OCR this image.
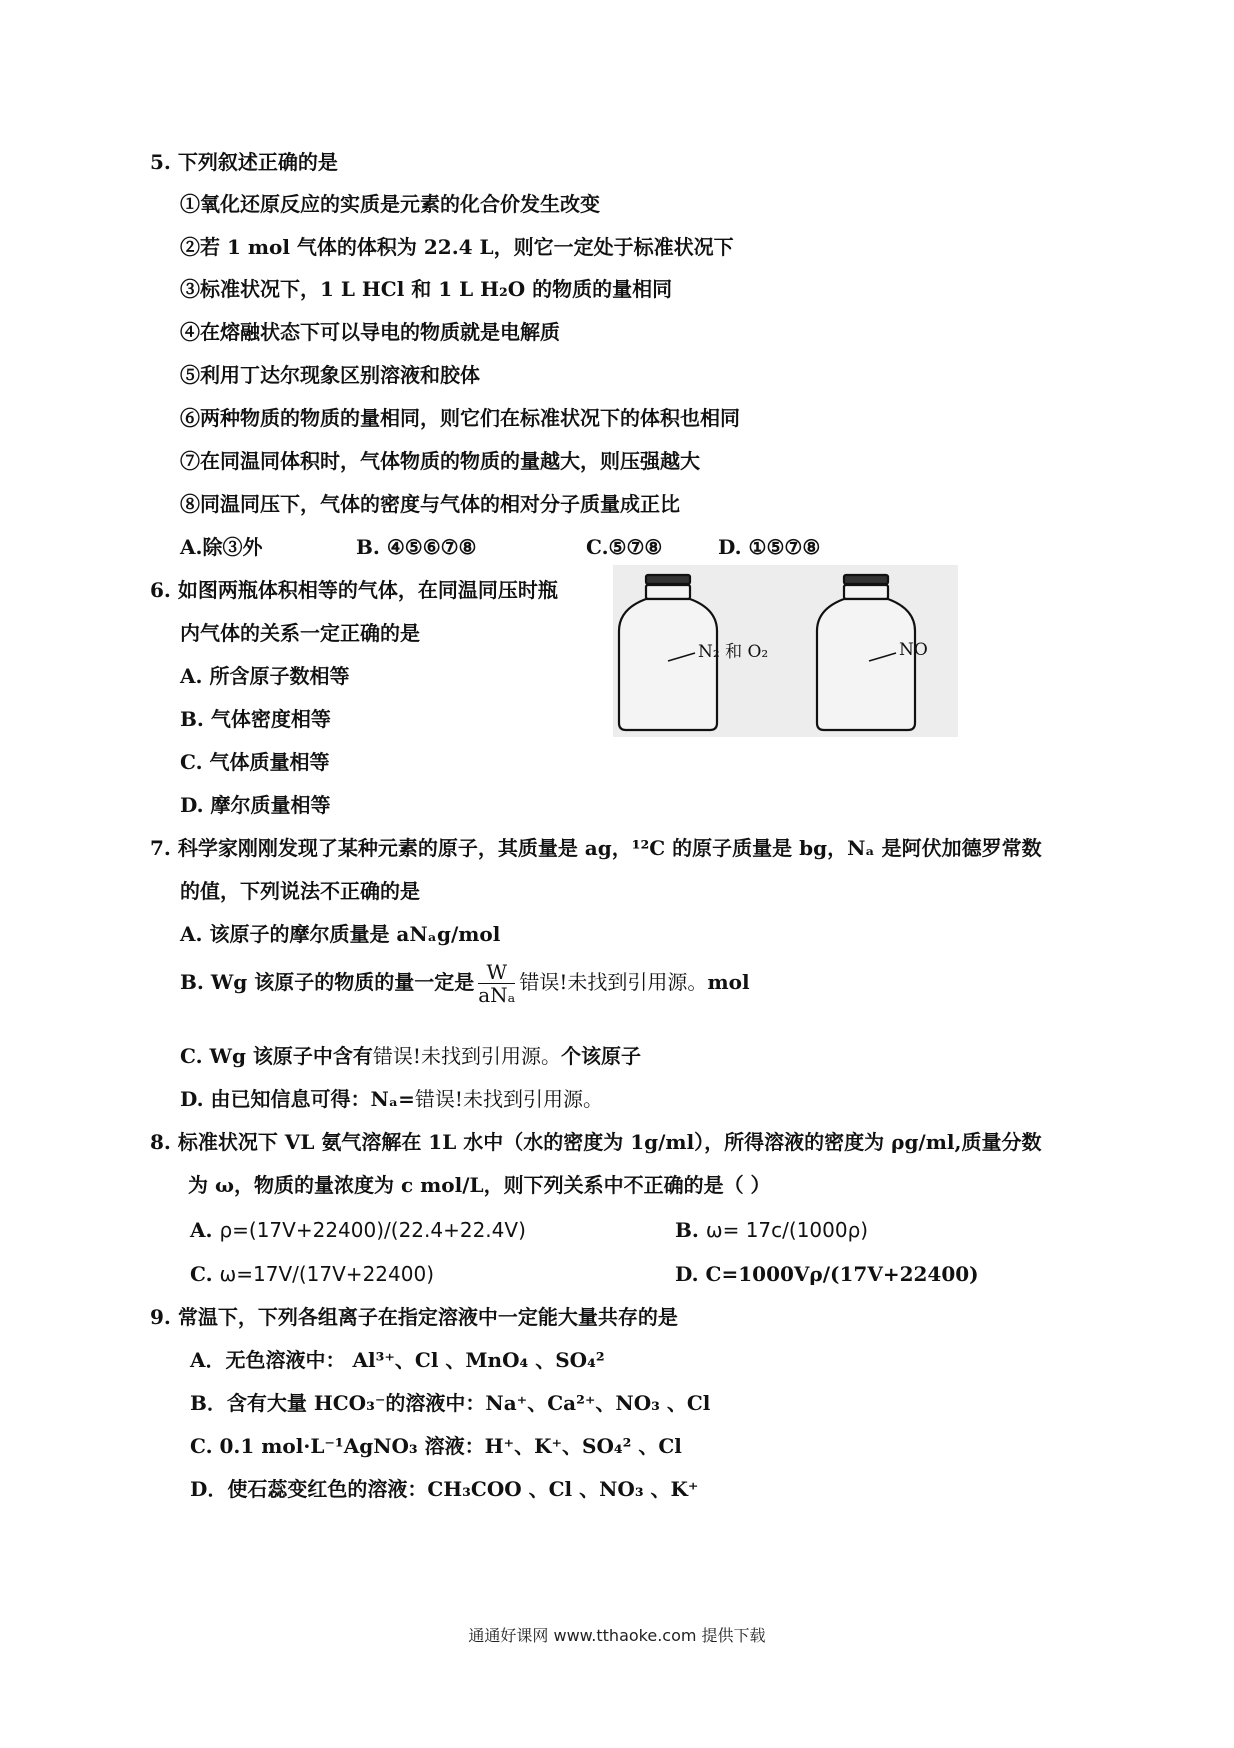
5. 下列叙述正确的是
①氧化还原反应的实质是元素的化合价发生改变
②若 1 mol 气体的体积为 22.4 L，则它一定处于标准状况下
③标准状况下，1 L HCl 和 1 L H₂O 的物质的量相同
④在熔融状态下可以导电的物质就是电解质
⑤利用丁达尔现象区别溶液和胶体
⑥两种物质的物质的量相同，则它们在标准状况下的体积也相同
⑦在同温同体积时，气体物质的物质的量越大，则压强越大
⑧同温同压下，气体的密度与气体的相对分子质量成正比
A.除③外	B. ④⑤⑥⑦⑧	C.⑤⑦⑧	D. ①⑤⑦⑧
6. 如图两瓶体积相等的气体，在同温同压时瓶
内气体的关系一定正确的是
A. 所含原子数相等
B. 气体密度相等
C. 气体质量相等
D. 摩尔质量相等
N₂ 和 O₂	NO
7. 科学家刚刚发现了某种元素的原子，其质量是 ag，¹²C 的原子质量是 bg，Nₐ 是阿伏加德罗常数
的值，下列说法不正确的是
A. 该原子的摩尔质量是 aNₐg/mol
B. Wg 该原子的物质的量一定是 $\frac{W}{\text{aNₐ}}$ 错误!未找到引用源。mol
C. Wg 该原子中含有错误!未找到引用源。个该原子
D. 由已知信息可得：Nₐ=错误!未找到引用源。
8. 标准状况下 VL 氨气溶解在 1L 水中（水的密度为 1g/ml），所得溶液的密度为 ρg/ml,质量分数
为 ω，物质的量浓度为 c mol/L，则下列关系中不正确的是（ ）
A. ρ=(17V+22400)/(22.4+22.4V)	B. ω= 17c/(1000ρ)
C. ω=17V/(17V+22400)	D. C=1000Vρ/(17V+22400)
9. 常温下，下列各组离子在指定溶液中一定能大量共存的是
A．无色溶液中： Al³⁺、Cl 、MnO₄ 、SO₄²
B．含有大量 HCO₃⁻的溶液中：Na⁺、Ca²⁺、NO₃ 、Cl
C. 0.1 mol·L⁻¹AgNO₃ 溶液：H⁺、K⁺、SO₄² 、Cl
D．使石蕊变红色的溶液：CH₃COO 、Cl 、NO₃ 、K⁺
通通好课网 www.tthaoke.com 提供下载
